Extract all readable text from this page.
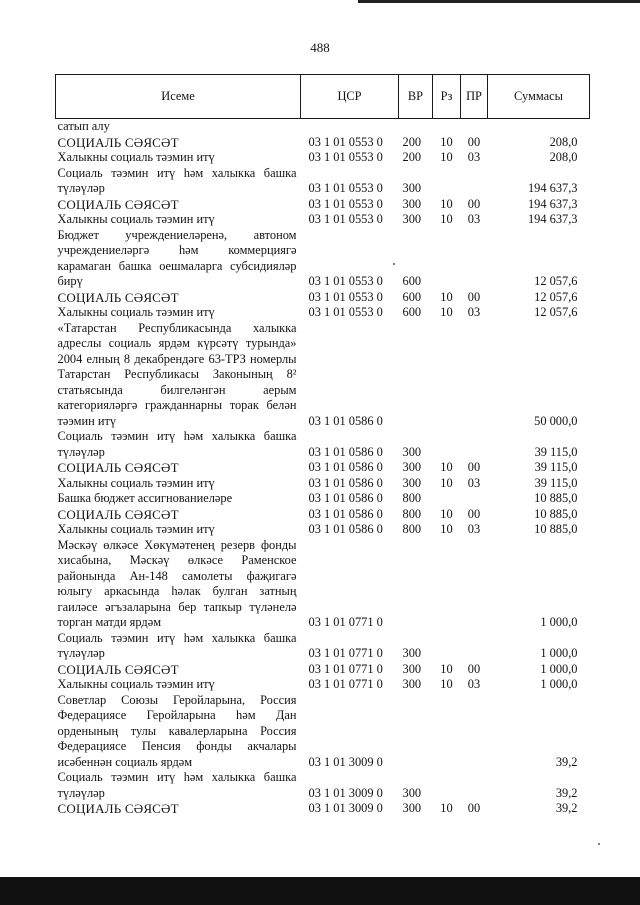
488
Исеме	ЦСР	ВР	Рз	ПР	Суммасы
сатып алу					
СОЦИАЛЬ СӘЯСӘТ	03 1 01 0553 0	200	10	00	208,0
Халыкны социаль тәэмин итү	03 1 01 0553 0	200	10	03	208,0
Социаль тәэмин итү һәм халыкка башка түләүләр	03 1 01 0553 0	300			194 637,3
СОЦИАЛЬ СӘЯСӘТ	03 1 01 0553 0	300	10	00	194 637,3
Халыкны социаль тәэмин итү	03 1 01 0553 0	300	10	03	194 637,3
Бюджет учреждениеләренә, автоном учреждениеләргә һәм коммерциягә карамаган башка оешмаларга субсидияләр бирү	03 1 01 0553 0	600			12 057,6
СОЦИАЛЬ СӘЯСӘТ	03 1 01 0553 0	600	10	00	12 057,6
Халыкны социаль тәэмин итү	03 1 01 0553 0	600	10	03	12 057,6
«Татарстан Республикасында халыкка адреслы социаль ярдәм күрсәтү турында» 2004 елның 8 декабрендәге 63-ТРЗ номерлы Татарстан Республикасы Законының 8² статьясында билгеләнгән аерым категорияләргә гражданнарны торак белән тәэмин итү	03 1 01 0586 0				50 000,0
Социаль тәэмин итү һәм халыкка башка түләүләр	03 1 01 0586 0	300			39 115,0
СОЦИАЛЬ СӘЯСӘТ	03 1 01 0586 0	300	10	00	39 115,0
Халыкны социаль тәэмин итү	03 1 01 0586 0	300	10	03	39 115,0
Башка бюджет ассигнованиеләре	03 1 01 0586 0	800			10 885,0
СОЦИАЛЬ СӘЯСӘТ	03 1 01 0586 0	800	10	00	10 885,0
Халыкны социаль тәэмин итү	03 1 01 0586 0	800	10	03	10 885,0
Мәскәү өлкәсе Хөкүмәтенең резерв фонды хисабына, Мәскәү өлкәсе Раменское районында Ан-148 самолеты фаҗигагә юлыгу аркасында һәлак булган затның гаиләсе әгъзаларына бер тапкыр түләнелә торган матди ярдәм	03 1 01 0771 0				1 000,0
Социаль тәэмин итү һәм халыкка башка түләүләр	03 1 01 0771 0	300			1 000,0
СОЦИАЛЬ СӘЯСӘТ	03 1 01 0771 0	300	10	00	1 000,0
Халыкны социаль тәэмин итү	03 1 01 0771 0	300	10	03	1 000,0
Советлар Союзы Геройларына, Россия Федерациясе Геройларына һәм Дан орденының тулы кавалерларына Россия Федерациясе Пенсия фонды акчалары исәбеннән социаль ярдәм	03 1 01 3009 0				39,2
Социаль тәэмин итү һәм халыкка башка түләүләр	03 1 01 3009 0	300			39,2
СОЦИАЛЬ СӘЯСӘТ	03 1 01 3009 0	300	10	00	39,2
